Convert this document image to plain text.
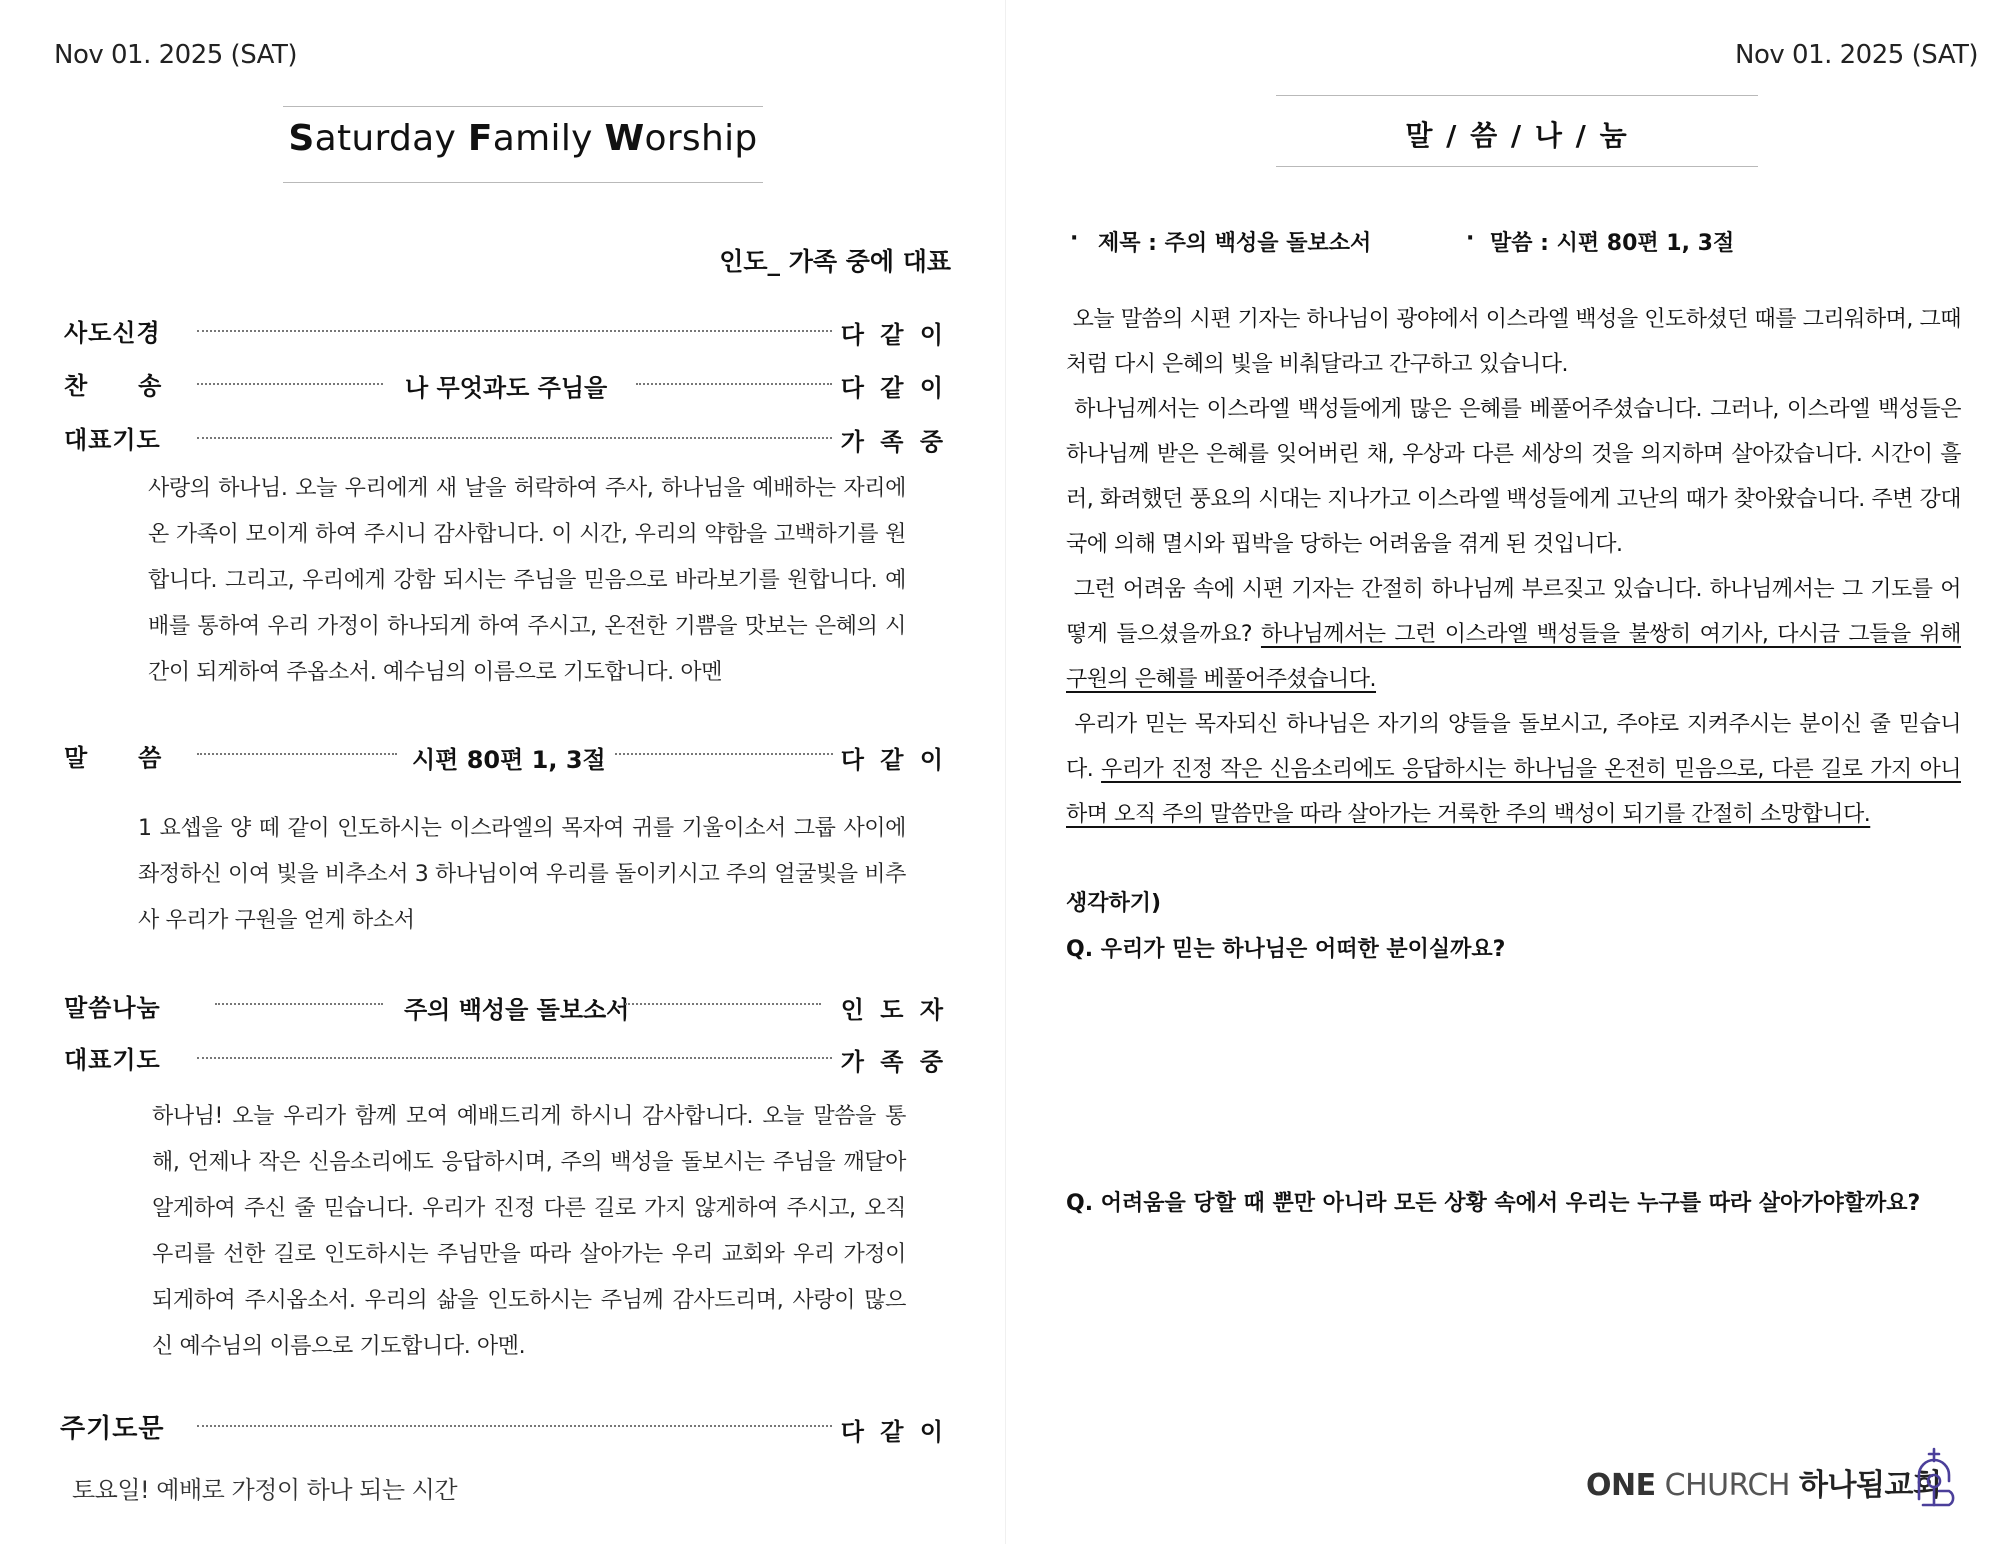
Nov 01. 2025 (SAT)
Saturday Family Worship
인도_ 가족 중에 대표
사도신경	다 같 이
찬　　송	나 무엇과도 주님을	다 같 이
대표기도	가 족 중
사랑의 하나님. 오늘 우리에게 새 날을 허락하여 주사, 하나님을 예배하는 자리에 온 가족이 모이게 하여 주시니 감사합니다. 이 시간, 우리의 약함을 고백하기를 원합니다. 그리고, 우리에게 강함 되시는 주님을 믿음으로 바라보기를 원합니다. 예배를 통하여 우리 가정이 하나되게 하여 주시고, 온전한 기쁨을 맛보는 은혜의 시간이 되게하여 주옵소서. 예수님의 이름으로 기도합니다. 아멘
말　　씀	시편 80편 1, 3절	다 같 이
1 요셉을 양 떼 같이 인도하시는 이스라엘의 목자여 귀를 기울이소서 그룹 사이에 좌정하신 이여 빛을 비추소서 3 하나님이여 우리를 돌이키시고 주의 얼굴빛을 비추사 우리가 구원을 얻게 하소서
말씀나눔	주의 백성을 돌보소서	인 도 자
대표기도	가 족 중
하나님! 오늘 우리가 함께 모여 예배드리게 하시니 감사합니다. 오늘 말씀을 통해, 언제나 작은 신음소리에도 응답하시며, 주의 백성을 돌보시는 주님을 깨달아 알게하여 주신 줄 믿습니다. 우리가 진정 다른 길로 가지 않게하여 주시고, 오직 우리를 선한 길로 인도하시는 주님만을 따라 살아가는 우리 교회와 우리 가정이 되게하여 주시옵소서. 우리의 삶을 인도하시는 주님께 감사드리며, 사랑이 많으신 예수님의 이름으로 기도합니다. 아멘.
주기도문	다 같 이
토요일! 예배로 가정이 하나 되는 시간
Nov 01. 2025 (SAT)
말 / 씀 / 나 / 눔
· 제목 : 주의 백성을 돌보소서	· 말씀 : 시편 80편 1, 3절
오늘 말씀의 시편 기자는 하나님이 광야에서 이스라엘 백성을 인도하셨던 때를 그리워하며, 그때처럼 다시 은혜의 빛을 비춰달라고 간구하고 있습니다.
하나님께서는 이스라엘 백성들에게 많은 은혜를 베풀어주셨습니다. 그러나, 이스라엘 백성들은 하나님께 받은 은혜를 잊어버린 채, 우상과 다른 세상의 것을 의지하며 살아갔습니다. 시간이 흘러, 화려했던 풍요의 시대는 지나가고 이스라엘 백성들에게 고난의 때가 찾아왔습니다. 주변 강대국에 의해 멸시와 핍박을 당하는 어려움을 겪게 된 것입니다.
그런 어려움 속에 시편 기자는 간절히 하나님께 부르짖고 있습니다. 하나님께서는 그 기도를 어떻게 들으셨을까요? 하나님께서는 그런 이스라엘 백성들을 불쌍히 여기사, 다시금 그들을 위해 구원의 은혜를 베풀어주셨습니다.
우리가 믿는 목자되신 하나님은 자기의 양들을 돌보시고, 주야로 지켜주시는 분이신 줄 믿습니다. 우리가 진정 작은 신음소리에도 응답하시는 하나님을 온전히 믿음으로, 다른 길로 가지 아니하며 오직 주의 말씀만을 따라 살아가는 거룩한 주의 백성이 되기를 간절히 소망합니다.
생각하기)
Q. 우리가 믿는 하나님은 어떠한 분이실까요?
Q. 어려움을 당할 때 뿐만 아니라 모든 상황 속에서 우리는 누구를 따라 살아가야할까요?
ONE CHURCH 하나됨교회
